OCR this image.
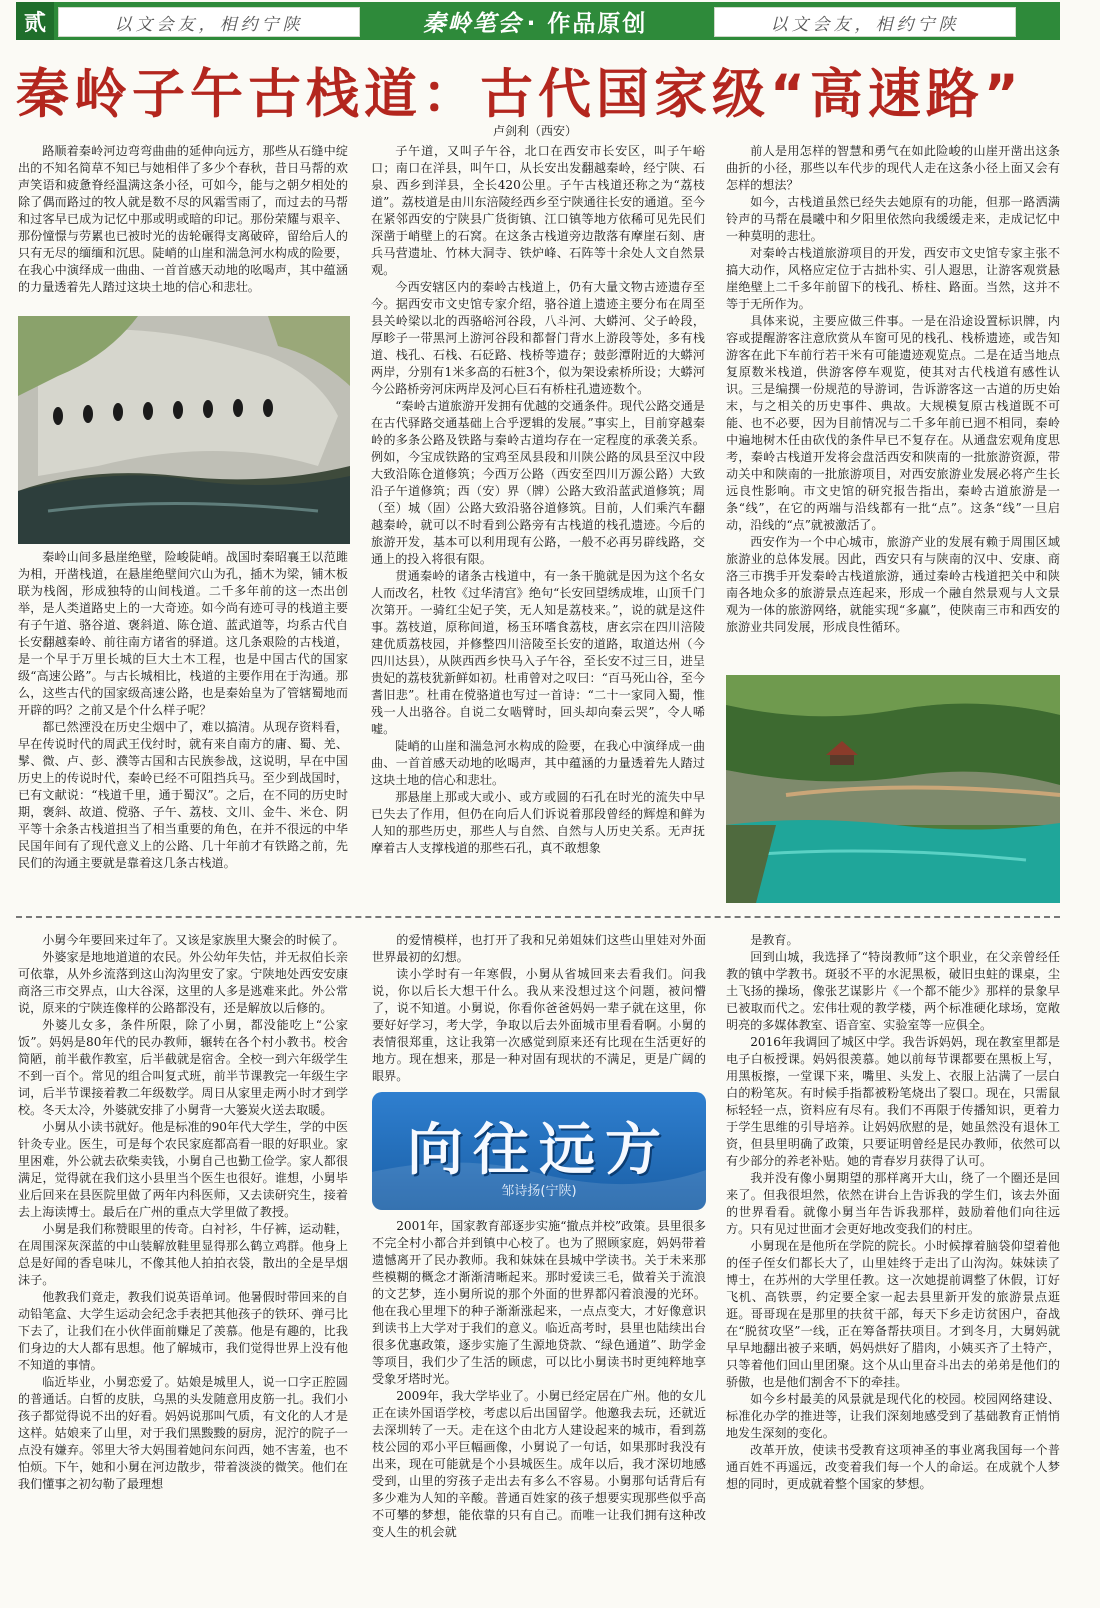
贰	以文会友，相约宁陕	秦岭笔会 · 作品原创	以文会友，相约宁陕
秦岭子午古栈道：古代国家级“高速路”
卢剑利（西安）

路顺着秦岭河边弯弯曲曲的延伸向远方，那些从石缝中绽出的不知名简草不知已与她相伴了多少个春秋，昔日马帮的欢声笑语和疲惫脊经温满这条小径，可如今，能与之朝夕相处的除了偶而路过的牧人就是数不尽的风霜雪雨了，而过去的马帮和过客早已成为记忆中那或明或暗的印记。那份荣耀与艰辛、那份憧憬与劳累也已被时光的齿轮碾得支离破碎，留给后人的只有无尽的缅缅和沉思。陡峭的山崖和湍急河水构成的险要，在我心中演绎成一曲曲、一首首感天动地的吆喝声，其中蕴涵的力量透着先人踏过这块土地的信心和悲壮。

秦岭山间多悬崖绝壁，险峻陡峭。战国时秦昭襄王以范雎为相，开凿栈道，在悬崖绝壁间穴山为孔，插木为梁，铺木板联为栈阁，形成独特的山间栈道。二千多年前的这一杰出创举，是人类道路史上的一大奇迹。如今尚有迹可寻的栈道主要有子午道、骆谷道、褒斜道、陈仓道、蓝武道等，均系古代自长安翻越秦岭、前往南方诸省的驿道。这几条艰险的古栈道，是一个早于万里长城的巨大土木工程，也是中国古代的国家级“高速公路”。与古长城相比，栈道的主要作用在于沟通。那么，这些古代的国家级高速公路，也是秦始皇为了管辖蜀地而开辟的吗？之前又是个什么样子呢？

都已然湮没在历史尘烟中了，难以搞清。从现存资料看，早在传说时代的周武王伐纣时，就有来自南方的庸、蜀、羌、髳、微、卢、彭、濮等古国和古民族参战，这说明，早在中国历史上的传说时代，秦岭已经不可阻挡兵马。至少到战国时，已有文献说：“栈道千里，通于蜀汉”。之后，在不同的历史时期，褒斜、故道、傥骆、子午、荔枝、文川、金牛、米仓、阴平等十余条古栈道担当了相当重要的角色，在并不很远的中华民国年间有了现代意义上的公路、几十年前才有铁路之前，先民们的沟通主要就是靠着这几条古栈道。

子午道，又叫子午谷，北口在西安市长安区，叫子午峪口；南口在洋县，叫午口，从长安出发翻越秦岭，经宁陕、石泉、西乡到洋县，全长420公里。子午古栈道还称之为“荔枝道”。荔枝道是由川东涪陵经西乡至宁陕通往长安的通道。至今在紧邻西安的宁陕县广货街镇、江口镇等地方依稀可见先民们深凿于峭壁上的石窝。在这条古栈道旁边散落有摩崖石刻、唐兵马营遗址、竹林大洞寺、铁炉峰、石阵等十余处人文自然景观。

今西安辖区内的秦岭古栈道上，仍有大量文物古迹遗存至今。据西安市文史馆专家介绍，骆谷道上遗迹主要分布在周至县关岭梁以北的西骆峪河谷段，八斗河、大蟒河、父子岭段，厚畛子一带黑河上游河谷段和都督门背水上游段等处，多有栈道、栈孔、石栈、石砭路、栈桥等遗存；鼓彭潭附近的大蟒河两岸，分别有1米多高的石桩3个，似为架设索桥所设；大蟒河今公路桥旁河床两岸及河心巨石有桥柱孔遗迹数个。

“秦岭古道旅游开发拥有优越的交通条件。现代公路交通是在古代驿路交通基础上合乎逻辑的发展。”事实上，目前穿越秦岭的多条公路及铁路与秦岭古道均存在一定程度的承袭关系。例如，今宝成铁路的宝鸡至凤县段和川陕公路的凤县至汉中段大致沿陈仓道修筑；今西万公路（西安至四川万源公路）大致沿子午道修筑；西（安）界（牌）公路大致沿蓝武道修筑；周（至）城（固）公路大致沿骆谷道修筑。目前，人们乘汽车翻越秦岭，就可以不时看到公路旁有古栈道的栈孔遗迹。今后的旅游开发，基本可以利用现有公路，一般不必再另辟线路，交通上的投入将很有限。

贯通秦岭的诸条古栈道中，有一条干脆就是因为这个名女人而改名，杜牧《过华清宫》绝句“长安回望绣成堆，山顶千门次第开。一骑红尘妃子笑，无人知是荔枝来。”，说的就是这件事。荔枝道，原称间道，杨玉环嗜食荔枝，唐玄宗在四川涪陵建优质荔枝园，并修整四川涪陵至长安的道路，取道达州（今四川达县），从陕西西乡快马入子午谷，至长安不过三日，进呈贵妃的荔枝犹新鲜如初。杜甫曾对之叹曰：“百马死山谷，至今耆旧悲”。杜甫在傥骆道也写过一首诗：“二十一家同入蜀，惟残一人出骆谷。自说二女啮臂时，回头却向秦云哭”，令人唏嘘。

陡峭的山崖和湍急河水构成的险要，在我心中演绎成一曲曲、一首首感天动地的吆喝声，其中蕴涵的力量透着先人踏过这块土地的信心和悲壮。

那悬崖上那或大或小、或方或圆的石孔在时光的流失中早已失去了作用，但仍在向后人们诉说着那段曾经的辉煌和鲜为人知的那些历史，那些人与自然、自然与人历史关系。无声抚摩着古人支撑栈道的那些石孔，真不敢想象

前人是用怎样的智慧和勇气在如此险峻的山崖开凿出这条曲折的小径，那些以车代步的现代人走在这条小径上面又会有怎样的想法？

如今，古栈道虽然已经失去她原有的功能，但那一路洒满铃声的马帮在晨曦中和夕阳里依然向我缓缓走来，走成记忆中一种莫明的悲壮。

对秦岭古栈道旅游项目的开发，西安市文史馆专家主张不搞大动作，风格应定位于古拙朴实、引人遐思，让游客观赏悬崖绝壁上二千多年前留下的栈孔、桥柱、路面。当然，这并不等于无所作为。

具体来说，主要应做三件事。一是在沿途设置标识牌，内容或提醒游客注意欣赏从车窗可见的栈孔、栈桥遗迹，或告知游客在此下车前行若干米有可能遗迹观览点。二是在适当地点复原数米栈道，供游客停车观览，使其对古代栈道有感性认识。三是编撰一份规范的导游词，告诉游客这一古道的历史始末，与之相关的历史事件、典故。大规模复原古栈道既不可能、也不必要，因为目前情况与二千多年前已迥不相同，秦岭中遍地树木任由砍伐的条件早已不复存在。从通盘宏观角度思考，秦岭古栈道开发将会盘活西安和陕南的一批旅游资源，带动关中和陕南的一批旅游项目，对西安旅游业发展必将产生长远良性影响。市文史馆的研究报告指出，秦岭古道旅游是一条“线”，在它的两端与沿线都有一批“点”。这条“线”一旦启动，沿线的“点”就被激活了。

西安作为一个中心城市，旅游产业的发展有赖于周围区域旅游业的总体发展。因此，西安只有与陕南的汉中、安康、商洛三市携手开发秦岭古栈道旅游，通过秦岭古栈道把关中和陕南各地众多的旅游景点连起来，形成一个融自然景观与人文景观为一体的旅游网络，就能实现“多赢”，使陕南三市和西安的旅游业共同发展，形成良性循环。

小舅今年要回来过年了。又该是家族里大聚会的时候了。

外婆家是地地道道的农民。外公幼年失怙，并无叔伯长亲可依靠，从外乡流落到这山沟沟里安了家。宁陕地处西安安康商洛三市交界点，山大谷深，这里的人多是逃难来此。外公常说，原来的宁陕连像样的公路都没有，还是解放以后修的。

外婆儿女多，条件所限，除了小舅，都没能吃上“公家饭”。妈妈是80年代的民办教师，辗转在各个村小教书。校舍简陋，前半截作教室，后半截就是宿舍。全校一到六年级学生不到一百个。常见的组合叫复式班，前半节课教完一年级生字词，后半节课接着教二年级数学。周日从家里走两小时才到学校。冬天太冷，外婆就安排了小舅背一大篓炭火送去取暖。

小舅从小读书就好。他是标准的90年代大学生，学的中医针灸专业。医生，可是每个农民家庭都高看一眼的好职业。家里困难，外公就去砍柴卖钱，小舅自己也勤工俭学。家人都很满足，觉得就在我们这小县里当个医生也很好。谁想，小舅毕业后回来在县医院里做了两年内科医师，又去读研究生，接着去上海读博士。最后在广州的重点大学里做了教授。

小舅是我们称赞眼里的传奇。白衬衫，牛仔裤，运动鞋，在周围深灰深蓝的中山装解放鞋里显得那么鹤立鸡群。他身上总是好闻的香皂味儿，不像其他人拍拍衣袋，散出的全是旱烟沫子。

他教我们竟走，教我们说英语单词。他暑假时带回来的自动铅笔盒、大学生运动会纪念手表把其他孩子的铁环、弹弓比下去了，让我们在小伙伴面前赚足了羡慕。他是有趣的，比我们身边的大人都有思想。他了解城市，我们觉得世界上没有他不知道的事情。

临近毕业，小舅恋爱了。姑娘是城里人，说一口字正腔圆的普通话。白皙的皮肤，乌黑的头发随意用皮筋一扎。我们小孩子都觉得说不出的好看。妈妈说那叫气质，有文化的人才是这样。姑娘来了山里，对于我们黑黢黢的厨房，泥泞的院子一点没有嫌弃。邻里大爷大妈围着她问东问西，她不害羞，也不怕烦。下午，她和小舅在河边散步，带着淡淡的微笑。他们在我们懂事之初勾勒了最理想

的爱情模样，也打开了我和兄弟姐妹们这些山里娃对外面世界最初的幻想。

读小学时有一年寒假，小舅从省城回来去看我们。问我说，你以后长大想干什么。我从来没想过这个问题，被问懵了，说不知道。小舅说，你看你爸爸妈妈一辈子就在这里，你要好好学习，考大学，争取以后去外面城市里看看啊。小舅的表情很郑重，这让我第一次感觉到原来还有比现在生活更好的地方。现在想来，那是一种对固有现状的不满足，更是广阔的眼界。

向往远方
邹诗扬(宁陕)

2001年，国家教育部逐步实施“撤点并校”政策。县里很多不完全村小都合并到镇中心校了。也为了照顾家庭，妈妈带着遗憾离开了民办教师。我和妹妹在县城中学读书。关于未来那些模糊的概念才渐渐清晰起来。那时爱读三毛，做着关于流浪的文艺梦，连小舅所说的那个外面的世界都闪着浪漫的光环。他在我心里埋下的种子渐渐涨起来，一点点变大，才好像意识到读书上大学对于我们的意义。临近高考时，县里也陆续出台很多优惠政策，逐步实施了生源地贷款、“绿色通道”、助学金等项目，我们少了生活的顾虑，可以比小舅读书时更纯粹地享受象牙塔时光。

2009年，我大学毕业了。小舅已经定居在广州。他的女儿正在读外国语学校，考虑以后出国留学。他邀我去玩，还就近去深圳转了一天。走在这个由北方人建设起来的城市，看到荔枝公园的邓小平巨幅画像，小舅说了一句话，如果那时我没有出来，现在可能就是个小县城医生。成年以后，我才深切地感受到，山里的穷孩子走出去有多么不容易。小舅那句话背后有多少难为人知的辛酸。普通百姓家的孩子想要实现那些似乎高不可攀的梦想，能依靠的只有自己。而唯一让我们拥有这种改变人生的机会就

是教育。

回到山城，我选择了“特岗教师”这个职业，在父亲曾经任教的镇中学教书。斑驳不平的水泥黑板，破旧虫蛀的课桌，尘土飞扬的操场，像张艺谋影片《一个都不能少》那样的景象早已被取而代之。宏伟壮观的教学楼，两个标准硬化球场，宽敞明亮的多媒体教室、语音室、实验室等一应俱全。

2016年我调回了城区中学。我告诉妈妈，现在教室里都是电子白板授课。妈妈很羡慕。她以前每节课都要在黑板上写，用黑板擦，一堂课下来，嘴里、头发上、衣服上沾满了一层白白的粉笔灰。有时候手指都被粉笔烧出了裂口。现在，只需鼠标轻轻一点，资料应有尽有。我们不再限于传播知识，更着力于学生思维的引导培养。让妈妈欣慰的是，她虽然没有退休工资，但县里明确了政策，只要证明曾经是民办教师，依然可以有少部分的养老补贴。她的青春岁月获得了认可。

我并没有像小舅期望的那样离开大山，绕了一个圈还是回来了。但我很坦然，依然在讲台上告诉我的学生们，该去外面的世界看看。就像小舅当年告诉我那样，鼓励着他们向往远方。只有见过世面才会更好地改变我们的村庄。

小舅现在是他所在学院的院长。小时候撑着脑袋仰望着他的侄子侄女们都长大了，山里娃终于走出了山沟沟。妹妹读了博士，在苏州的大学里任教。这一次她提前调整了休假，订好飞机、高铁票，约定要全家一起去县里新开发的旅游景点逛逛。哥哥现在是那里的扶贫干部，每天下乡走访贫困户，奋战在“脱贫攻坚”一线，正在筹备帮扶项目。才到冬月，大舅妈就早早地翻出被子来晒，妈妈烘好了腊肉，小姨买齐了土特产，只等着他们回山里团聚。这个从山里奋斗出去的弟弟是他们的骄傲，也是他们割舍不下的牵挂。

如今乡村最美的风景就是现代化的校园。校园网络建设、标准化办学的推进等，让我们深刻地感受到了基础教育正悄悄地发生深刻的变化。

改革开放，使读书受教育这项神圣的事业离我国每一个普通百姓不再遥远，改变着我们每一个人的命运。在成就个人梦想的同时，更成就着整个国家的梦想。
